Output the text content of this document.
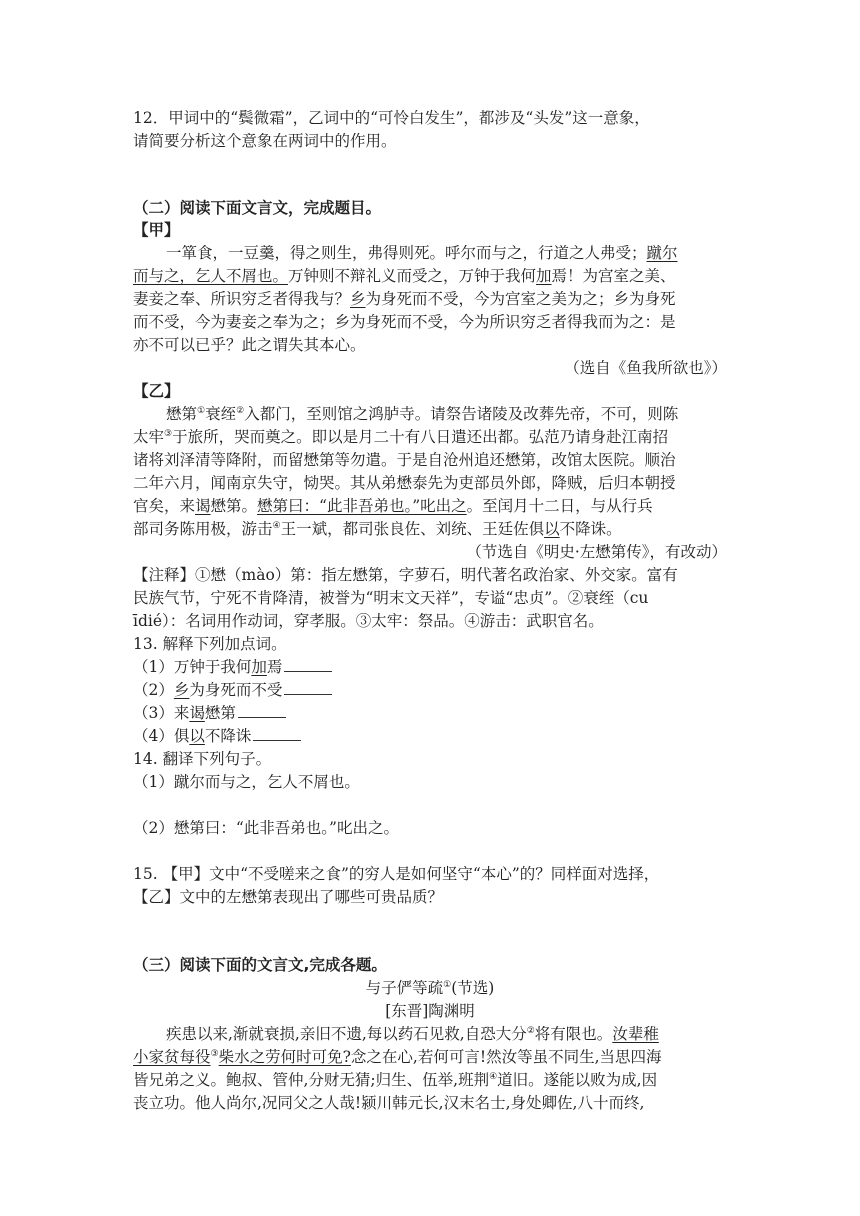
12．甲词中的“鬓微霜”，乙词中的“可怜白发生”，都涉及“头发”这一意象，
请简要分析这个意象在两词中的作用。
（二）阅读下面文言文，完成题目。
【甲】
一箪食，一豆羹，得之则生，弗得则死。呼尔而与之，行道之人弗受；蹴尔
而与之，乞人不屑也。万钟则不辩礼义而受之，万钟于我何加焉！为宫室之美、
妻妾之奉、所识穷乏者得我与？乡为身死而不受，今为宫室之美为之；乡为身死
而不受，今为妻妾之奉为之；乡为身死而不受，今为所识穷乏者得我而为之：是
亦不可以已乎？此之谓失其本心。
（选自《鱼我所欲也》）
【乙】
懋第①衰绖②入都门，至则馆之鸿胪寺。请祭告诸陵及改葬先帝，不可，则陈
太牢③于旅所，哭而奠之。即以是月二十有八日遣还出都。弘范乃请身赴江南招
诸将刘泽清等降附，而留懋第等勿遣。于是自沧州追还懋第，改馆太医院。顺治
二年六月，闻南京失守，恸哭。其从弟懋泰先为吏部员外郎，降贼，后归本朝授
官矣，来谒懋第。懋第曰：“此非吾弟也。”叱出之。至闰月十二日，与从行兵
部司务陈用极，游击④王一斌，都司张良佐、刘统、王廷佐俱以不降诛。
（节选自《明史·左懋第传》，有改动）
【注释】①懋（mào）第：指左懋第，字萝石，明代著名政治家、外交家。富有
民族气节，宁死不肯降清，被誉为“明末文天祥”，专谥“忠贞”。②衰绖（cu
īdié）：名词用作动词，穿孝服。③太牢：祭品。④游击：武职官名。
13. 解释下列加点词。
（1）万钟于我何加焉
（2）乡为身死而不受
（3）来谒懋第
（4）俱以不降诛
14. 翻译下列句子。
（1）蹴尔而与之，乞人不屑也。
（2）懋第曰：“此非吾弟也。”叱出之。
15. 【甲】文中“不受嗟来之食”的穷人是如何坚守“本心”的？同样面对选择，
【乙】文中的左懋第表现出了哪些可贵品质？
（三）阅读下面的文言文,完成各题。
与子俨等疏①(节选)
[东晋]陶渊明
疾患以来,渐就衰损,亲旧不遗,每以药石见救,自恐大分②将有限也。汝辈稚
小家贫每役③柴水之劳何时可免?念之在心,若何可言!然汝等虽不同生,当思四海
皆兄弟之义。鲍叔、管仲,分财无猜;归生、伍举,班荆④道旧。遂能以败为成,因
丧立功。他人尚尔,况同父之人哉!颍川韩元长,汉末名士,身处卿佐,八十而终,
